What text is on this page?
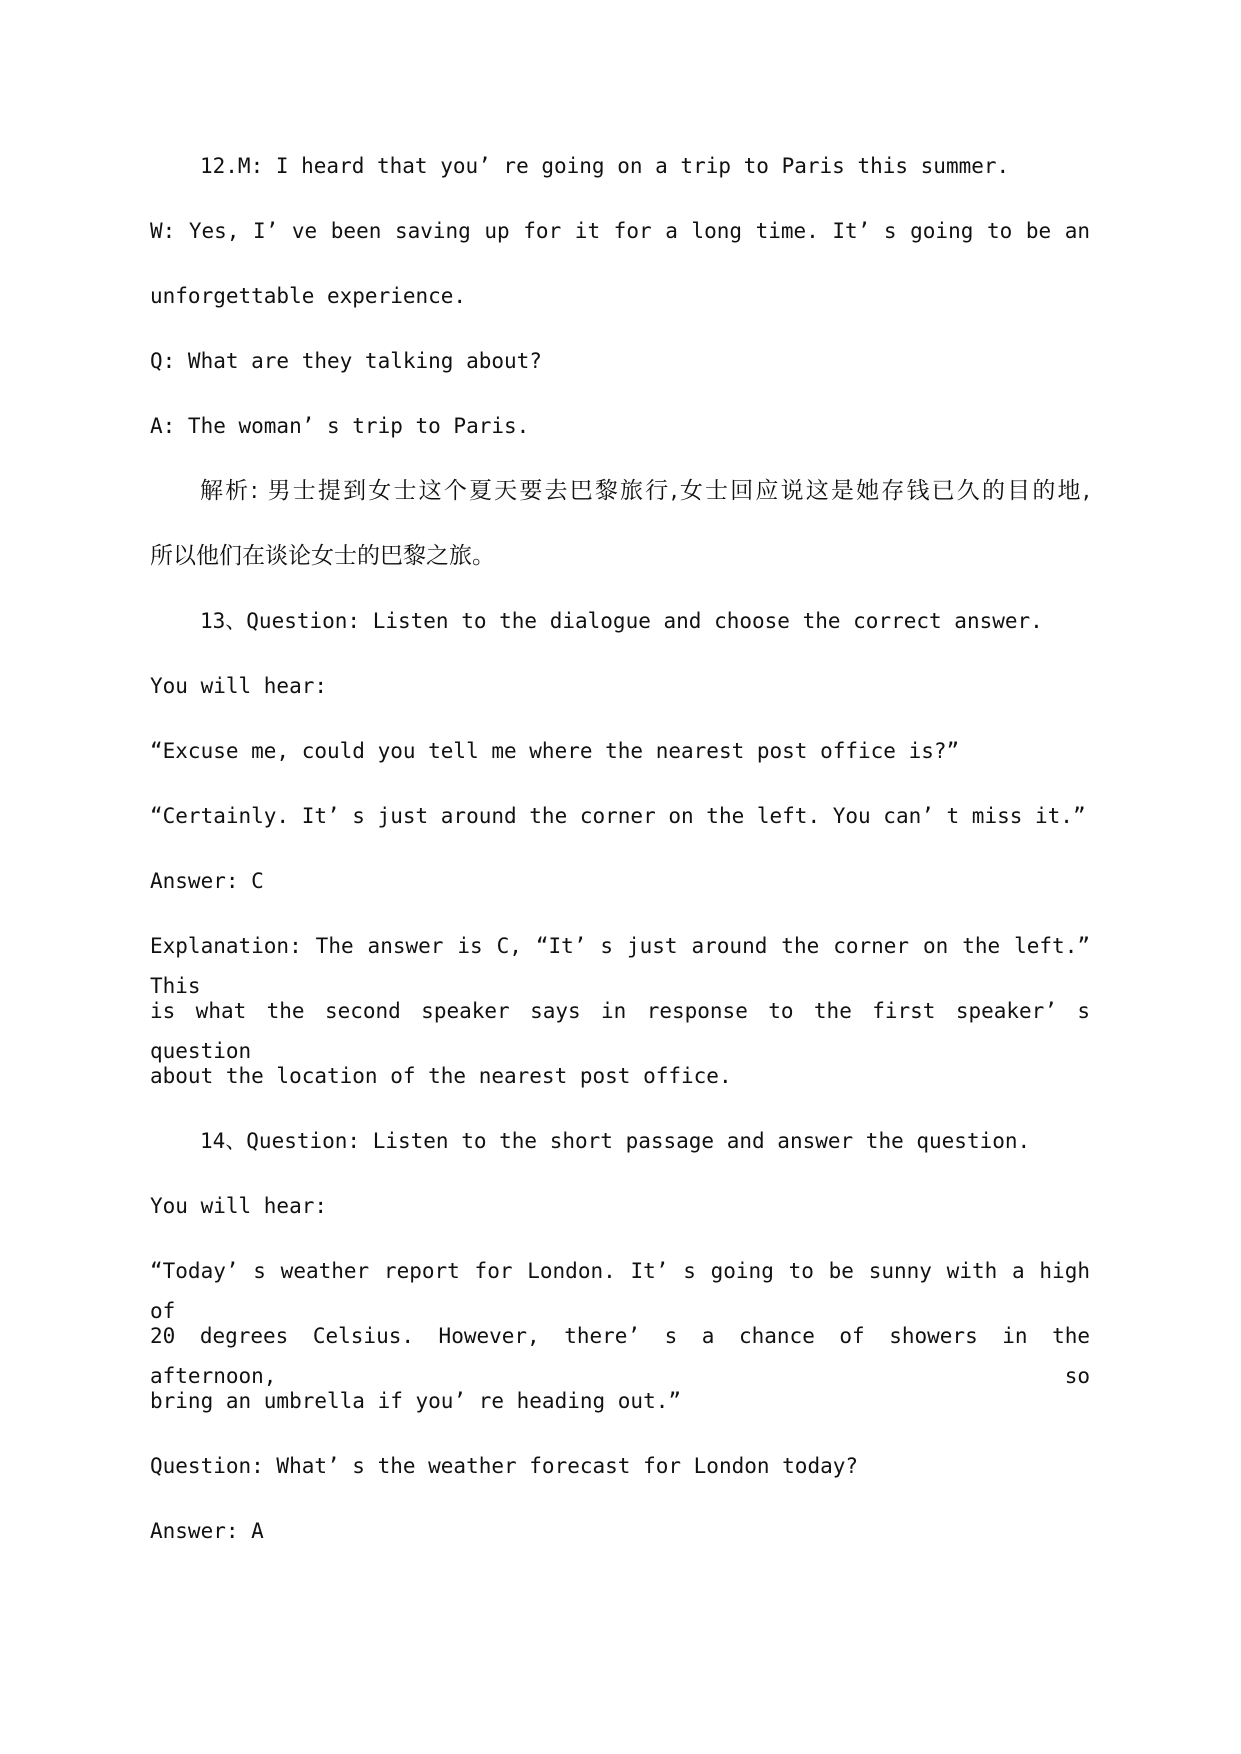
12.M: I heard that you’ re going on a trip to Paris this summer.
W: Yes, I’ ve been saving up for it for a long time. It’ s going to be an
unforgettable experience.
Q: What are they talking about?
A: The woman’ s trip to Paris.
解析: 男士提到女士这个夏天要去巴黎旅行,女士回应说这是她存钱已久的目的地,
所以他们在谈论女士的巴黎之旅。
13、Question: Listen to the dialogue and choose the correct answer.
You will hear:
“Excuse me, could you tell me where the nearest post office is?”
“Certainly. It’ s just around the corner on the left. You can’ t miss it.”
Answer: C
Explanation: The answer is C, “It’ s just around the corner on the left.” This
is what the second speaker says in response to the first speaker’ s question
about the location of the nearest post office.
14、Question: Listen to the short passage and answer the question.
You will hear:
“Today’ s weather report for London. It’ s going to be sunny with a high of
20 degrees Celsius. However, there’ s a chance of showers in the afternoon, so
bring an umbrella if you’ re heading out.”
Question: What’ s the weather forecast for London today?
Answer: A
